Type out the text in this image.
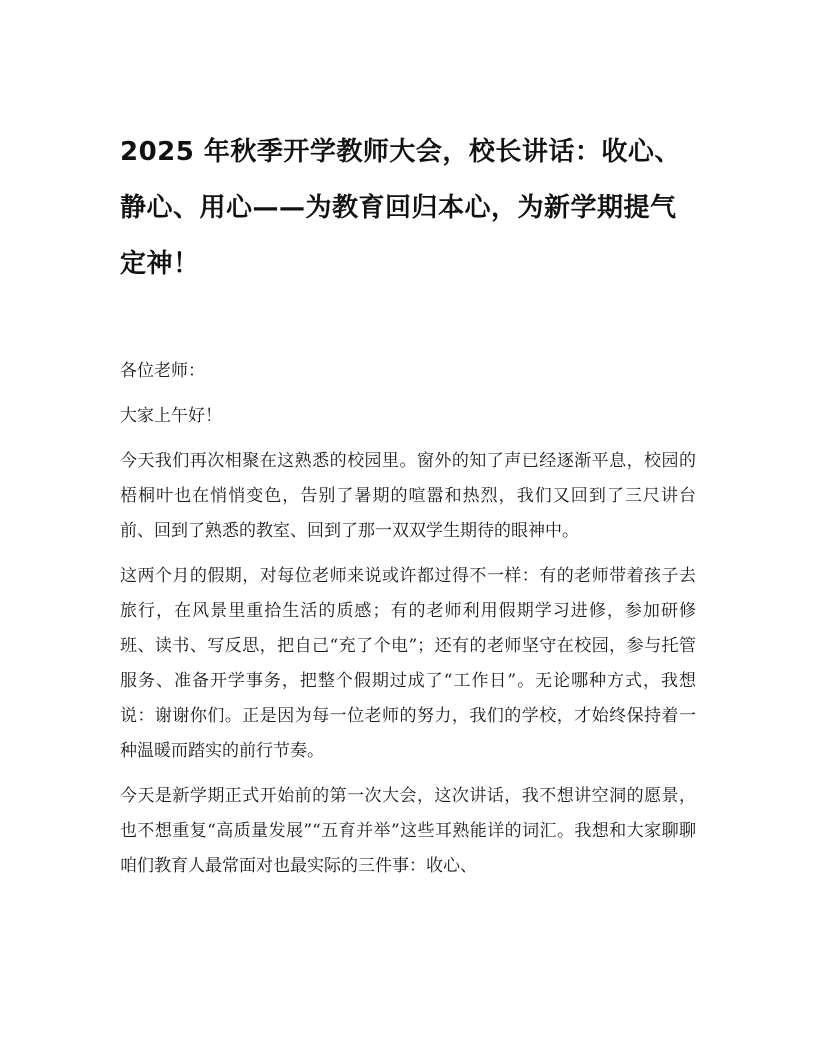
2025 年秋季开学教师大会，校长讲话：收心、静心、用心——为教育回归本心，为新学期提气定神！

各位老师：

大家上午好！

今天我们再次相聚在这熟悉的校园里。窗外的知了声已经逐渐平息，校园的梧桐叶也在悄悄变色，告别了暑期的喧嚣和热烈，我们又回到了三尺讲台前、回到了熟悉的教室、回到了那一双双学生期待的眼神中。

这两个月的假期，对每位老师来说或许都过得不一样：有的老师带着孩子去旅行，在风景里重拾生活的质感；有的老师利用假期学习进修，参加研修班、读书、写反思，把自己“充了个电”；还有的老师坚守在校园，参与托管服务、准备开学事务，把整个假期过成了“工作日”。无论哪种方式，我想说：谢谢你们。正是因为每一位老师的努力，我们的学校，才始终保持着一种温暖而踏实的前行节奏。

今天是新学期正式开始前的第一次大会，这次讲话，我不想讲空洞的愿景，也不想重复“高质量发展”“五育并举”这些耳熟能详的词汇。我想和大家聊聊咱们教育人最常面对也最实际的三件事：收心、
